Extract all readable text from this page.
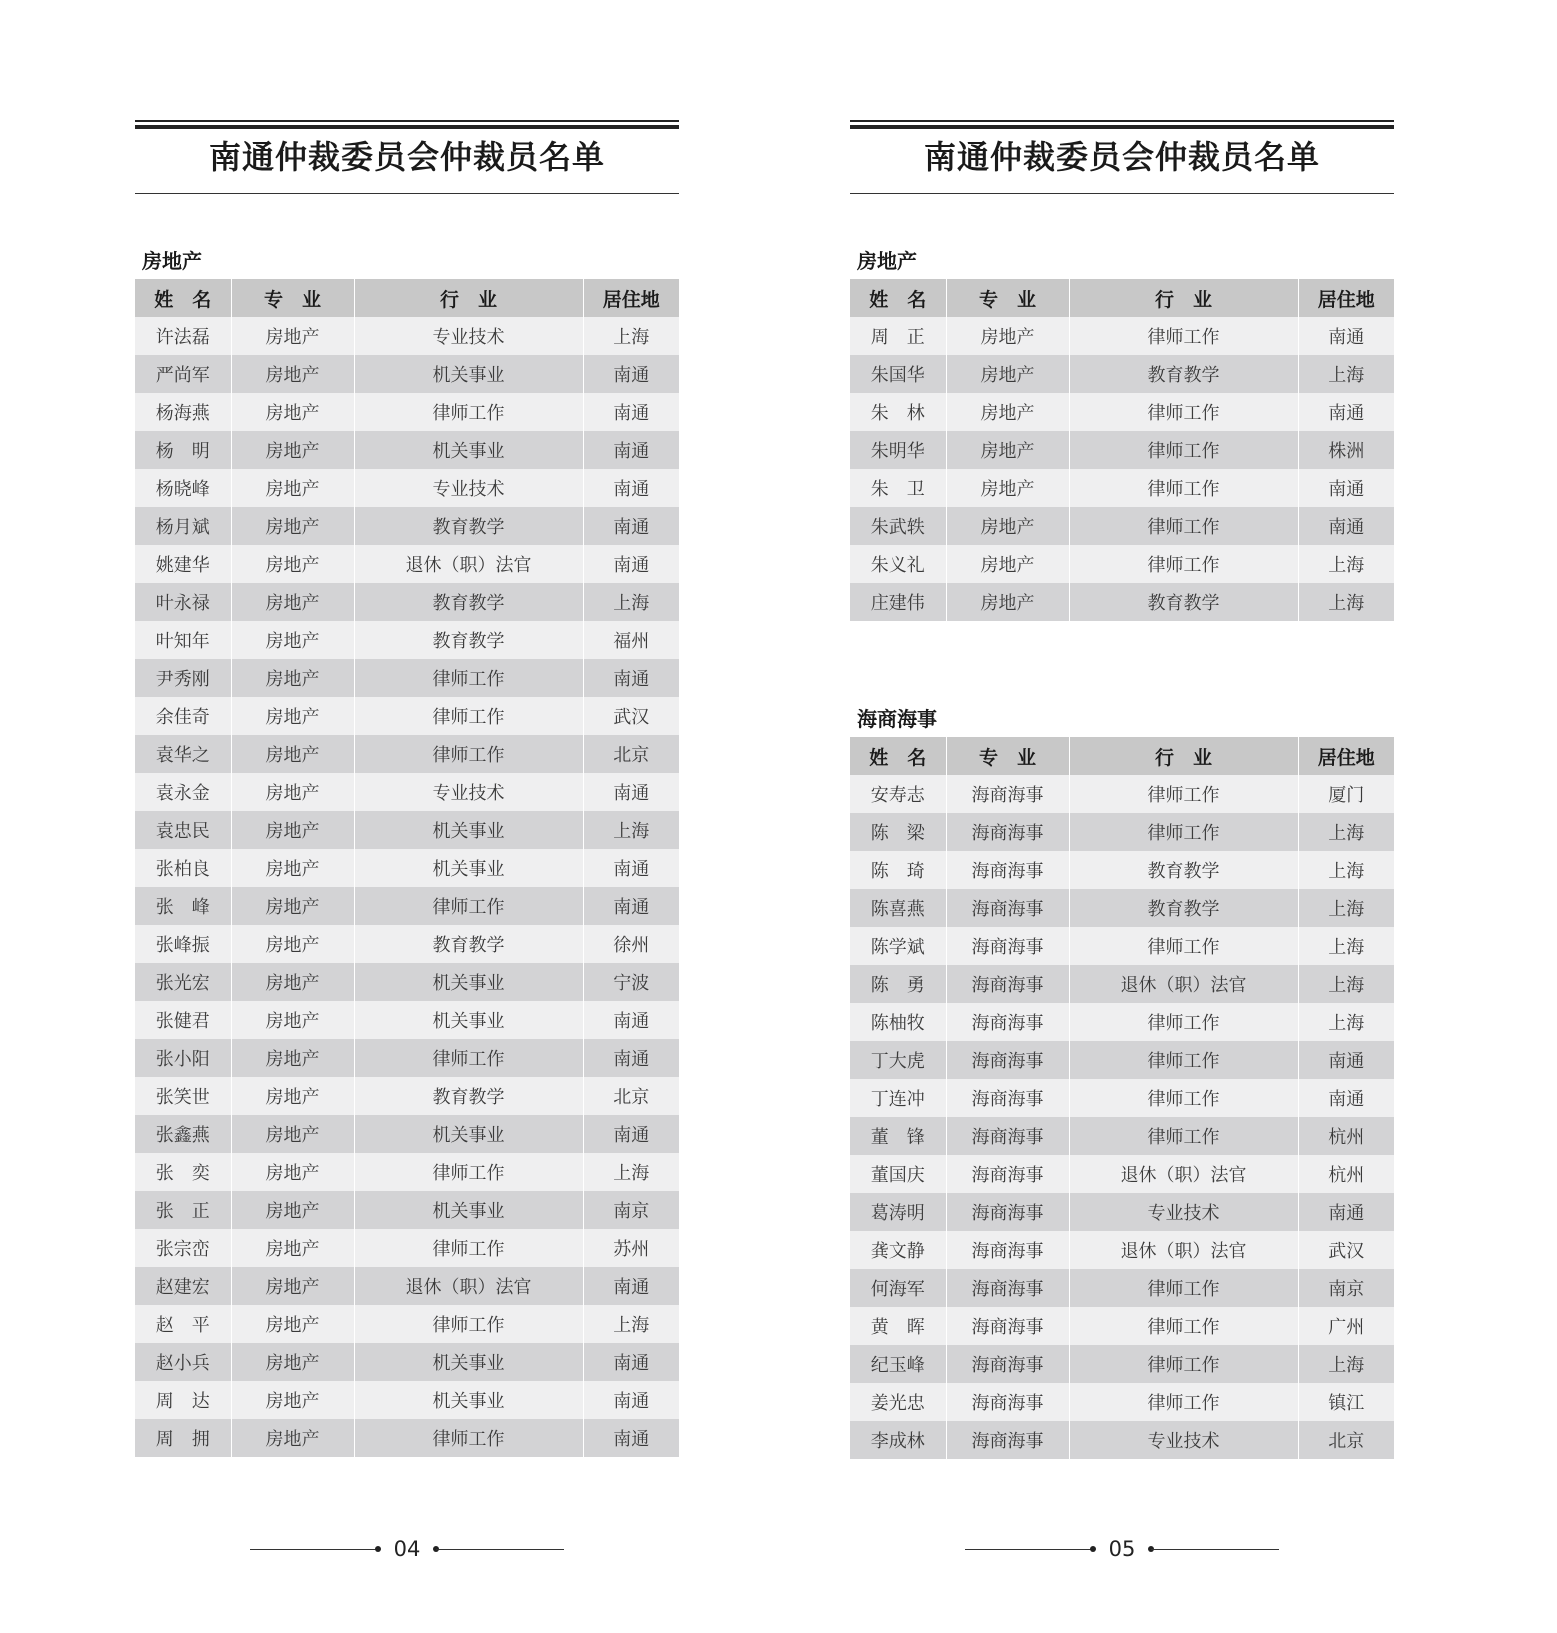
南通仲裁委员会仲裁员名单
房地产
姓　名	专　业	行　业	居住地
许法磊	房地产	专业技术	上海
严尚军	房地产	机关事业	南通
杨海燕	房地产	律师工作	南通
杨　明	房地产	机关事业	南通
杨晓峰	房地产	专业技术	南通
杨月斌	房地产	教育教学	南通
姚建华	房地产	退休（职）法官	南通
叶永禄	房地产	教育教学	上海
叶知年	房地产	教育教学	福州
尹秀刚	房地产	律师工作	南通
余佳奇	房地产	律师工作	武汉
袁华之	房地产	律师工作	北京
袁永金	房地产	专业技术	南通
袁忠民	房地产	机关事业	上海
张柏良	房地产	机关事业	南通
张　峰	房地产	律师工作	南通
张峰振	房地产	教育教学	徐州
张光宏	房地产	机关事业	宁波
张健君	房地产	机关事业	南通
张小阳	房地产	律师工作	南通
张笑世	房地产	教育教学	北京
张鑫燕	房地产	机关事业	南通
张　奕	房地产	律师工作	上海
张　正	房地产	机关事业	南京
张宗峦	房地产	律师工作	苏州
赵建宏	房地产	退休（职）法官	南通
赵　平	房地产	律师工作	上海
赵小兵	房地产	机关事业	南通
周　达	房地产	机关事业	南通
周　拥	房地产	律师工作	南通
04
南通仲裁委员会仲裁员名单
房地产
姓　名	专　业	行　业	居住地
周　正	房地产	律师工作	南通
朱国华	房地产	教育教学	上海
朱　林	房地产	律师工作	南通
朱明华	房地产	律师工作	株洲
朱　卫	房地产	律师工作	南通
朱武轶	房地产	律师工作	南通
朱义礼	房地产	律师工作	上海
庄建伟	房地产	教育教学	上海
海商海事
姓　名	专　业	行　业	居住地
安寿志	海商海事	律师工作	厦门
陈　梁	海商海事	律师工作	上海
陈　琦	海商海事	教育教学	上海
陈喜燕	海商海事	教育教学	上海
陈学斌	海商海事	律师工作	上海
陈　勇	海商海事	退休（职）法官	上海
陈柚牧	海商海事	律师工作	上海
丁大虎	海商海事	律师工作	南通
丁连冲	海商海事	律师工作	南通
董　锋	海商海事	律师工作	杭州
董国庆	海商海事	退休（职）法官	杭州
葛涛明	海商海事	专业技术	南通
龚文静	海商海事	退休（职）法官	武汉
何海军	海商海事	律师工作	南京
黄　晖	海商海事	律师工作	广州
纪玉峰	海商海事	律师工作	上海
姜光忠	海商海事	律师工作	镇江
李成林	海商海事	专业技术	北京
05
